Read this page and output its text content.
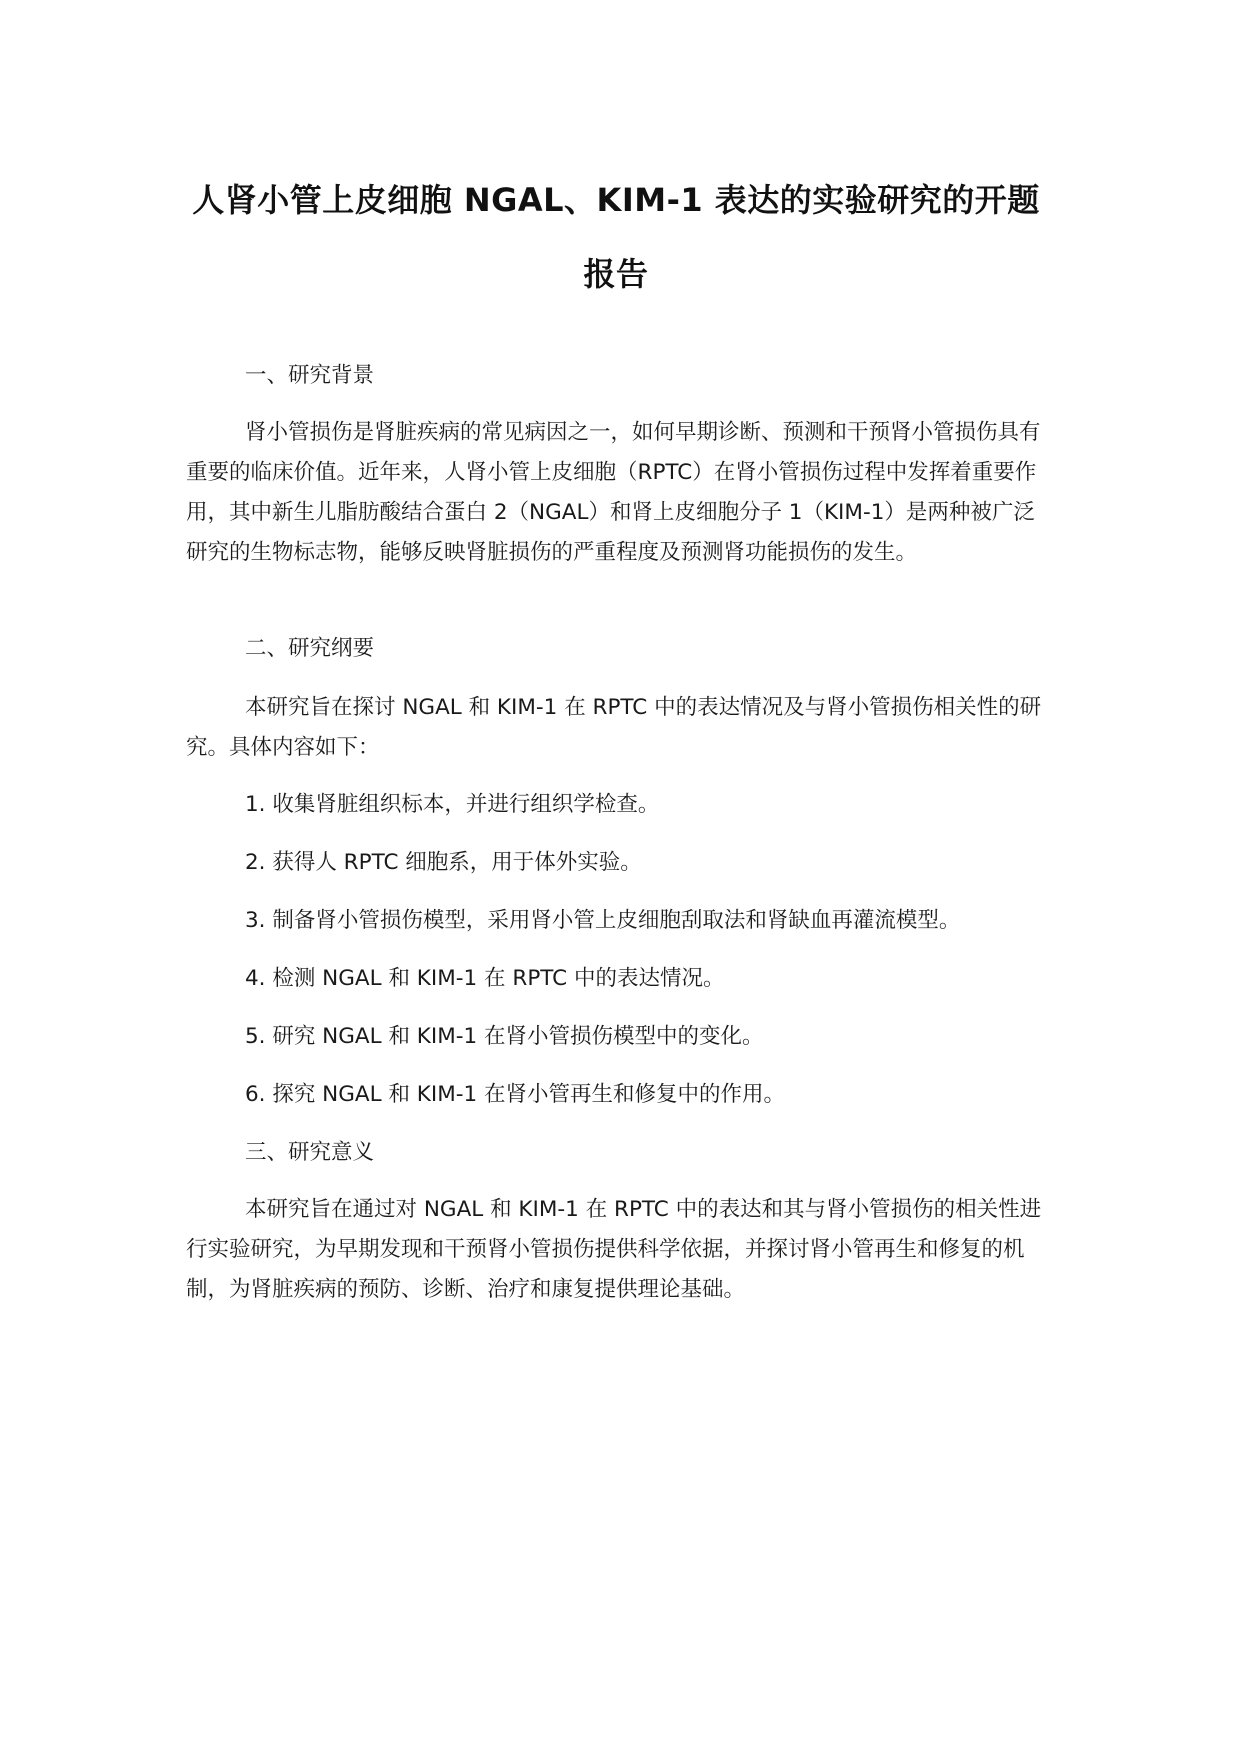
人肾小管上皮细胞 NGAL、KIM-1 表达的实验研究的开题
报告

一、研究背景

肾小管损伤是肾脏疾病的常见病因之一，如何早期诊断、预测和干预肾小管损伤具有重要的临床价值。近年来，人肾小管上皮细胞（RPTC）在肾小管损伤过程中发挥着重要作用，其中新生儿脂肪酸结合蛋白 2（NGAL）和肾上皮细胞分子 1（KIM-1）是两种被广泛研究的生物标志物，能够反映肾脏损伤的严重程度及预测肾功能损伤的发生。

二、研究纲要

本研究旨在探讨 NGAL 和 KIM-1 在 RPTC 中的表达情况及与肾小管损伤相关性的研究。具体内容如下：

1. 收集肾脏组织标本，并进行组织学检查。

2. 获得人 RPTC 细胞系，用于体外实验。

3. 制备肾小管损伤模型，采用肾小管上皮细胞刮取法和肾缺血再灌流模型。

4. 检测 NGAL 和 KIM-1 在 RPTC 中的表达情况。

5. 研究 NGAL 和 KIM-1 在肾小管损伤模型中的变化。

6. 探究 NGAL 和 KIM-1 在肾小管再生和修复中的作用。

三、研究意义

本研究旨在通过对 NGAL 和 KIM-1 在 RPTC 中的表达和其与肾小管损伤的相关性进行实验研究，为早期发现和干预肾小管损伤提供科学依据，并探讨肾小管再生和修复的机制，为肾脏疾病的预防、诊断、治疗和康复提供理论基础。
